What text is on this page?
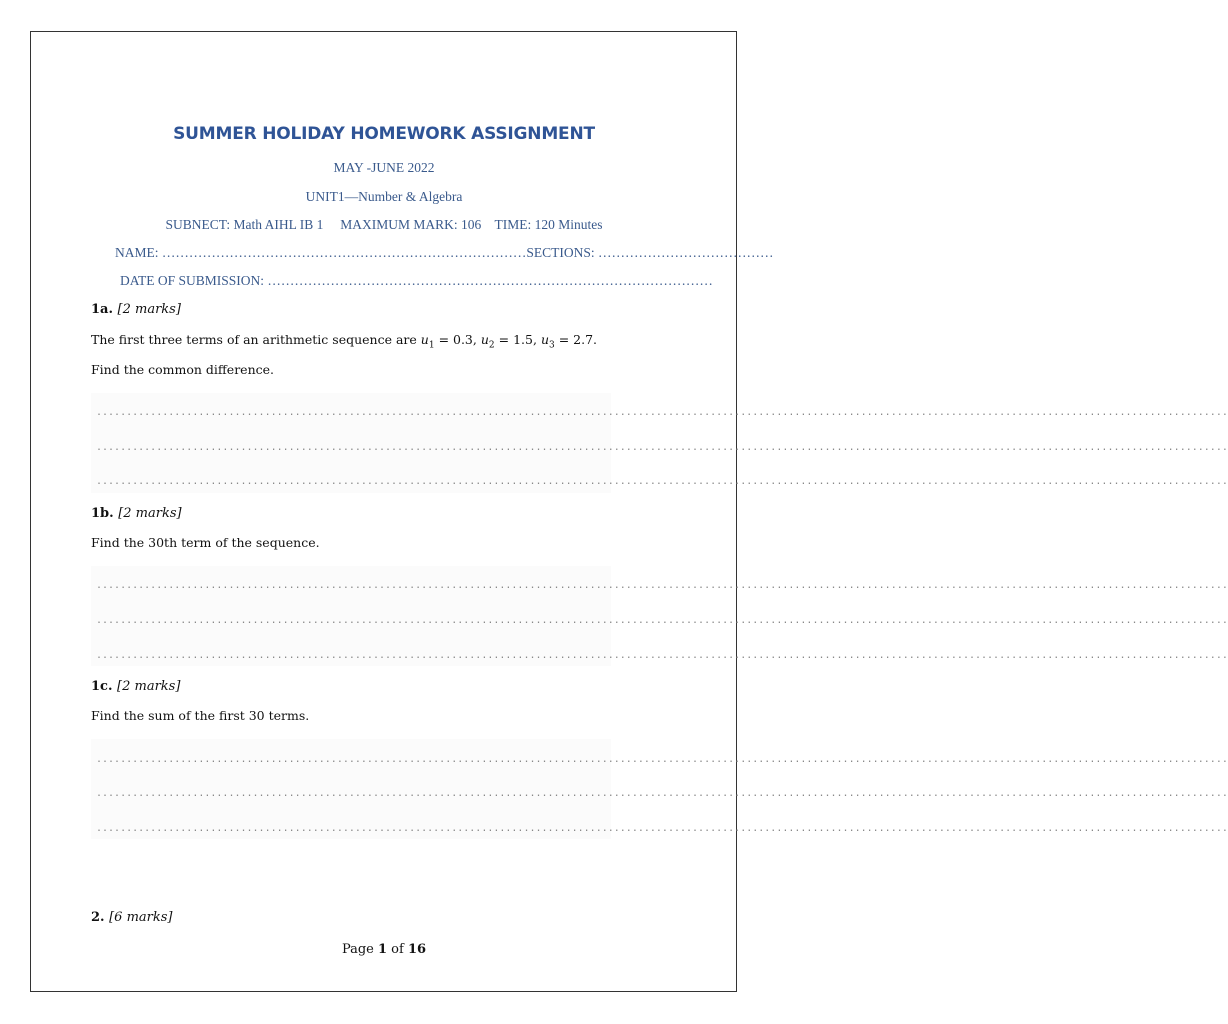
SUMMER HOLIDAY HOMEWORK ASSIGNMENT
MAY -JUNE 2022
UNIT1—Number & Algebra
SUBNECT: Math AIHL IB 1     MAXIMUM MARK: 106    TIME: 120 Minutes
NAME: ………………………………………………………………………SECTIONS: …………………………………
DATE OF SUBMISSION: ………………………………………………………………………………………
1a. [2 marks]
The first three terms of an arithmetic sequence are $u_1 = 0.3$, $u_2 = 1.5$, $u_3 = 2.7$.
Find the common difference.
............................................................................................................................................................................................
............................................................................................................................................................................................
............................................................................................................................................................................................
1b. [2 marks]
Find the 30th term of the sequence.
............................................................................................................................................................................................
............................................................................................................................................................................................
............................................................................................................................................................................................
1c. [2 marks]
Find the sum of the first 30 terms.
............................................................................................................................................................................................
............................................................................................................................................................................................
............................................................................................................................................................................................
2. [6 marks]
Page 1 of 16
